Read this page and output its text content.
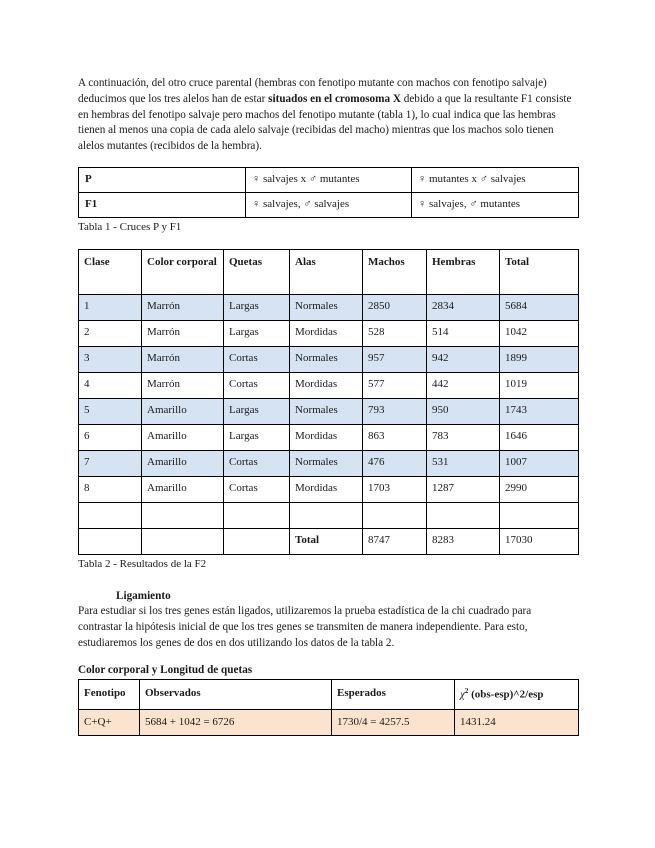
A continuación, del otro cruce parental (hembras con fenotipo mutante con machos con fenotipo salvaje) deducimos que los tres alelos han de estar situados en el cromosoma X debido a que la resultante F1 consiste en hembras del fenotipo salvaje pero machos del fenotipo mutante (tabla 1), lo cual indica que las hembras tienen al menos una copia de cada alelo salvaje (recibidas del macho) mientras que los machos solo tienen alelos mutantes (recibidos de la hembra).

P	♀ salvajes x ♂ mutantes	♀ mutantes x ♂ salvajes
F1	♀ salvajes, ♂ salvajes	♀ salvajes, ♂ mutantes
Tabla 1 - Cruces P y F1
Clase	Color corporal	Quetas	Alas	Machos	Hembras	Total
1	Marrón	Largas	Normales	2850	2834	5684
2	Marrón	Largas	Mordidas	528	514	1042
3	Marrón	Cortas	Normales	957	942	1899
4	Marrón	Cortas	Mordidas	577	442	1019
5	Amarillo	Largas	Normales	793	950	1743
6	Amarillo	Largas	Mordidas	863	783	1646
7	Amarillo	Cortas	Normales	476	531	1007
8	Amarillo	Cortas	Mordidas	1703	1287	2990

			Total	8747	8283	17030
Tabla 2 - Resultados de la F2
Ligamiento

Para estudiar si los tres genes están ligados, utilizaremos la prueba estadística de la chi cuadrado para contrastar la hipótesis inicial de que los tres genes se transmiten de manera independiente. Para esto, estudiaremos los genes de dos en dos utilizando los datos de la tabla 2.

Color corporal y Longitud de quetas
Fenotipo	Observados	Esperados	$\chi^2$ (obs-esp)^2/esp
C+Q+	5684 + 1042 = 6726	1730/4 = 4257.5	1431.24
